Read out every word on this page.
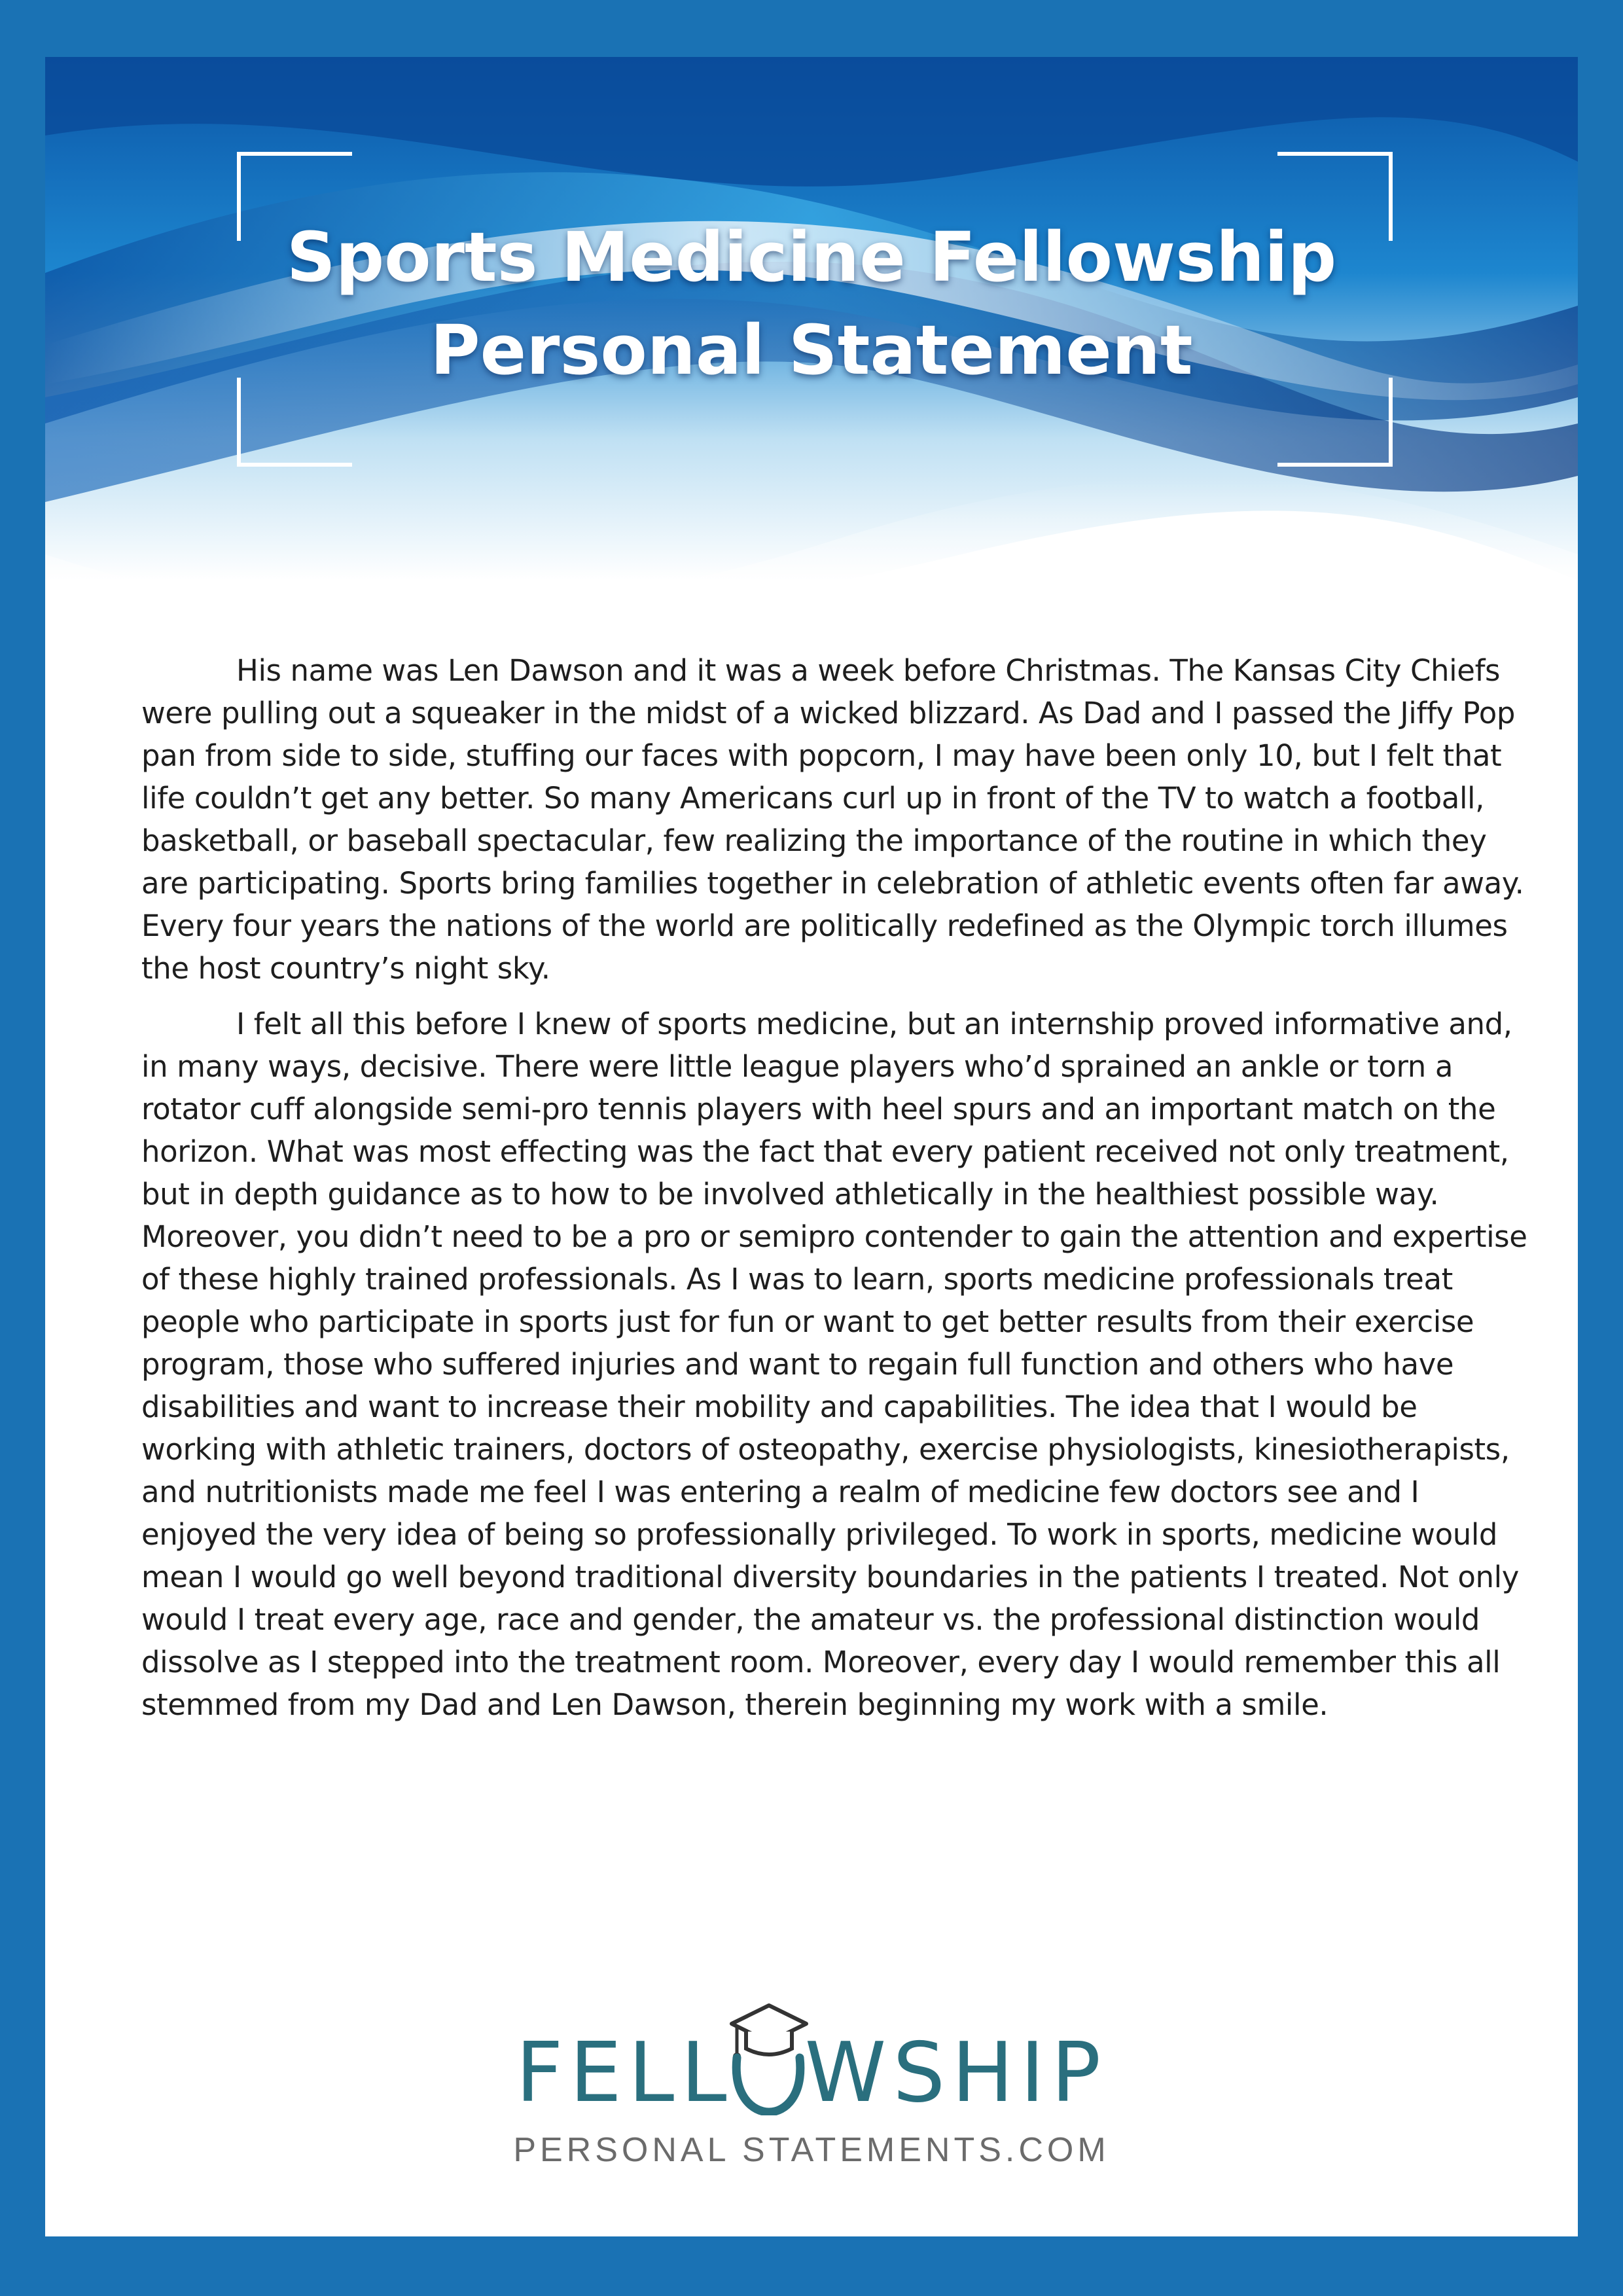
Sports Medicine Fellowship
Personal Statement

His name was Len Dawson and it was a week before Christmas. The Kansas City Chiefs were pulling out a squeaker in the midst of a wicked blizzard. As Dad and I passed the Jiffy Pop pan from side to side, stuffing our faces with popcorn, I may have been only 10, but I felt that life couldn’t get any better. So many Americans curl up in front of the TV to watch a football, basketball, or baseball spectacular, few realizing the importance of the routine in which they are participating. Sports bring families together in celebration of athletic events often far away. Every four years the nations of the world are politically redefined as the Olympic torch illumes the host country’s night sky.

I felt all this before I knew of sports medicine, but an internship proved informative and, in many ways, decisive. There were little league players who’d sprained an ankle or torn a rotator cuff alongside semi-pro tennis players with heel spurs and an important match on the horizon. What was most effecting was the fact that every patient received not only treatment, but in depth guidance as to how to be involved athletically in the healthiest possible way. Moreover, you didn’t need to be a pro or semipro contender to gain the attention and expertise of these highly trained professionals. As I was to learn, sports medicine professionals treat people who participate in sports just for fun or want to get better results from their exercise program, those who suffered injuries and want to regain full function and others who have disabilities and want to increase their mobility and capabilities. The idea that I would be working with athletic trainers, doctors of osteopathy, exercise physiologists, kinesiotherapists, and nutritionists made me feel I was entering a realm of medicine few doctors see and I enjoyed the very idea of being so professionally privileged. To work in sports, medicine would mean I would go well beyond traditional diversity boundaries in the patients I treated. Not only would I treat every age, race and gender, the amateur vs. the professional distinction would dissolve as I stepped into the treatment room. Moreover, every day I would remember this all stemmed from my Dad and Len Dawson, therein beginning my work with a smile.

FELL WSHIP
PERSONAL STATEMENTS.COM
